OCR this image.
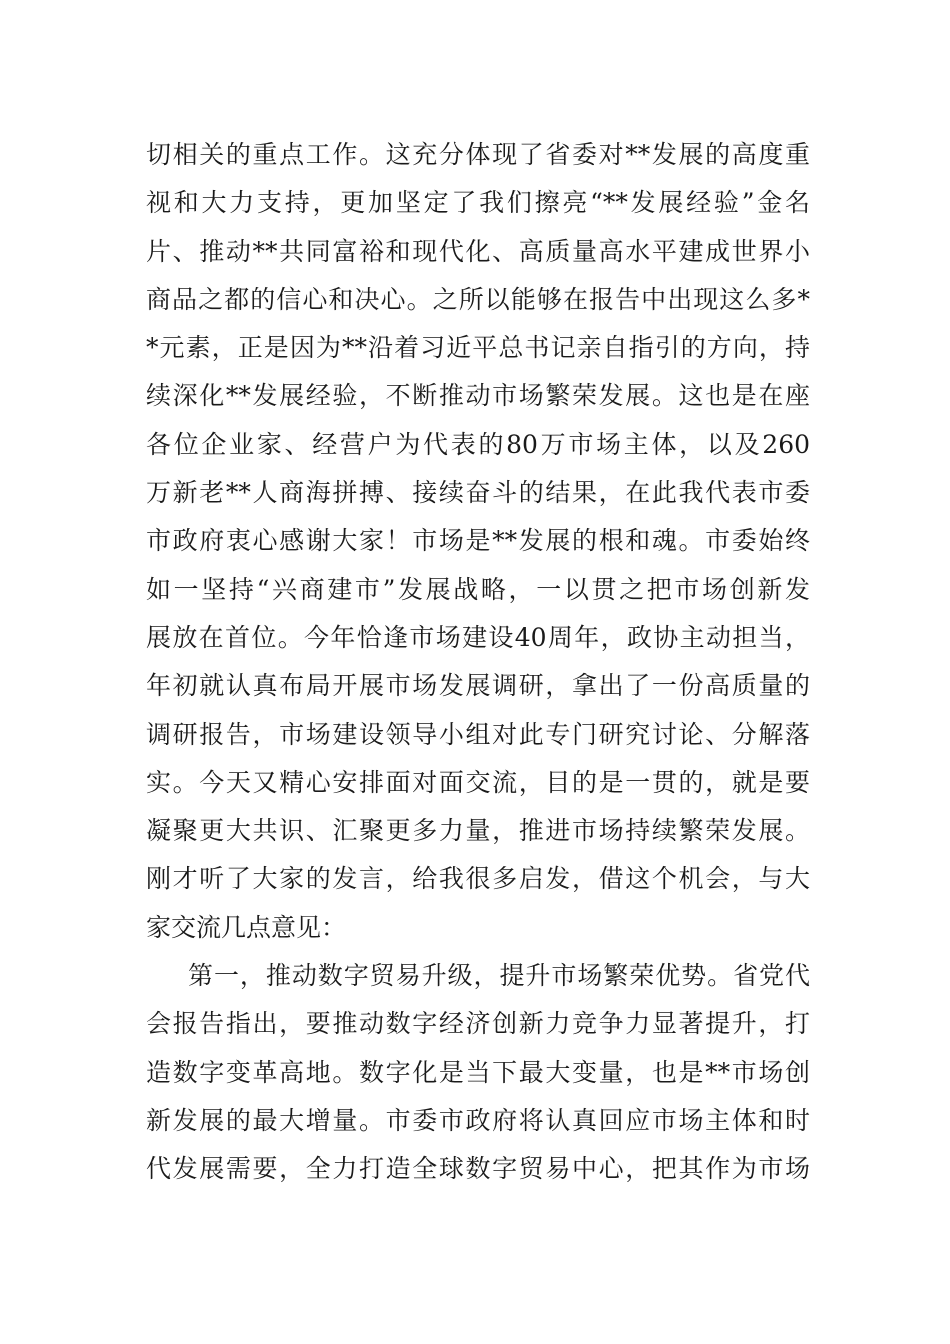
切相关的重点工作。这充分体现了省委对**发展的高度重
视和大力支持，更加坚定了我们擦亮“**发展经验”金名
片、推动**共同富裕和现代化、高质量高水平建成世界小
商品之都的信心和决心。之所以能够在报告中出现这么多*
*元素，正是因为**沿着习近平总书记亲自指引的方向，持
续深化**发展经验，不断推动市场繁荣发展。这也是在座
各位企业家、经营户为代表的80万市场主体，以及260
万新老**人商海拼搏、接续奋斗的结果，在此我代表市委
市政府衷心感谢大家！市场是**发展的根和魂。市委始终
如一坚持“兴商建市”发展战略，一以贯之把市场创新发
展放在首位。今年恰逢市场建设40周年，政协主动担当，
年初就认真布局开展市场发展调研，拿出了一份高质量的
调研报告，市场建设领导小组对此专门研究讨论、分解落
实。今天又精心安排面对面交流，目的是一贯的，就是要
凝聚更大共识、汇聚更多力量，推进市场持续繁荣发展。
刚才听了大家的发言，给我很多启发，借这个机会，与大
家交流几点意见：
第一，推动数字贸易升级，提升市场繁荣优势。省党代
会报告指出，要推动数字经济创新力竞争力显著提升，打
造数字变革高地。数字化是当下最大变量，也是**市场创
新发展的最大增量。市委市政府将认真回应市场主体和时
代发展需要，全力打造全球数字贸易中心，把其作为市场
